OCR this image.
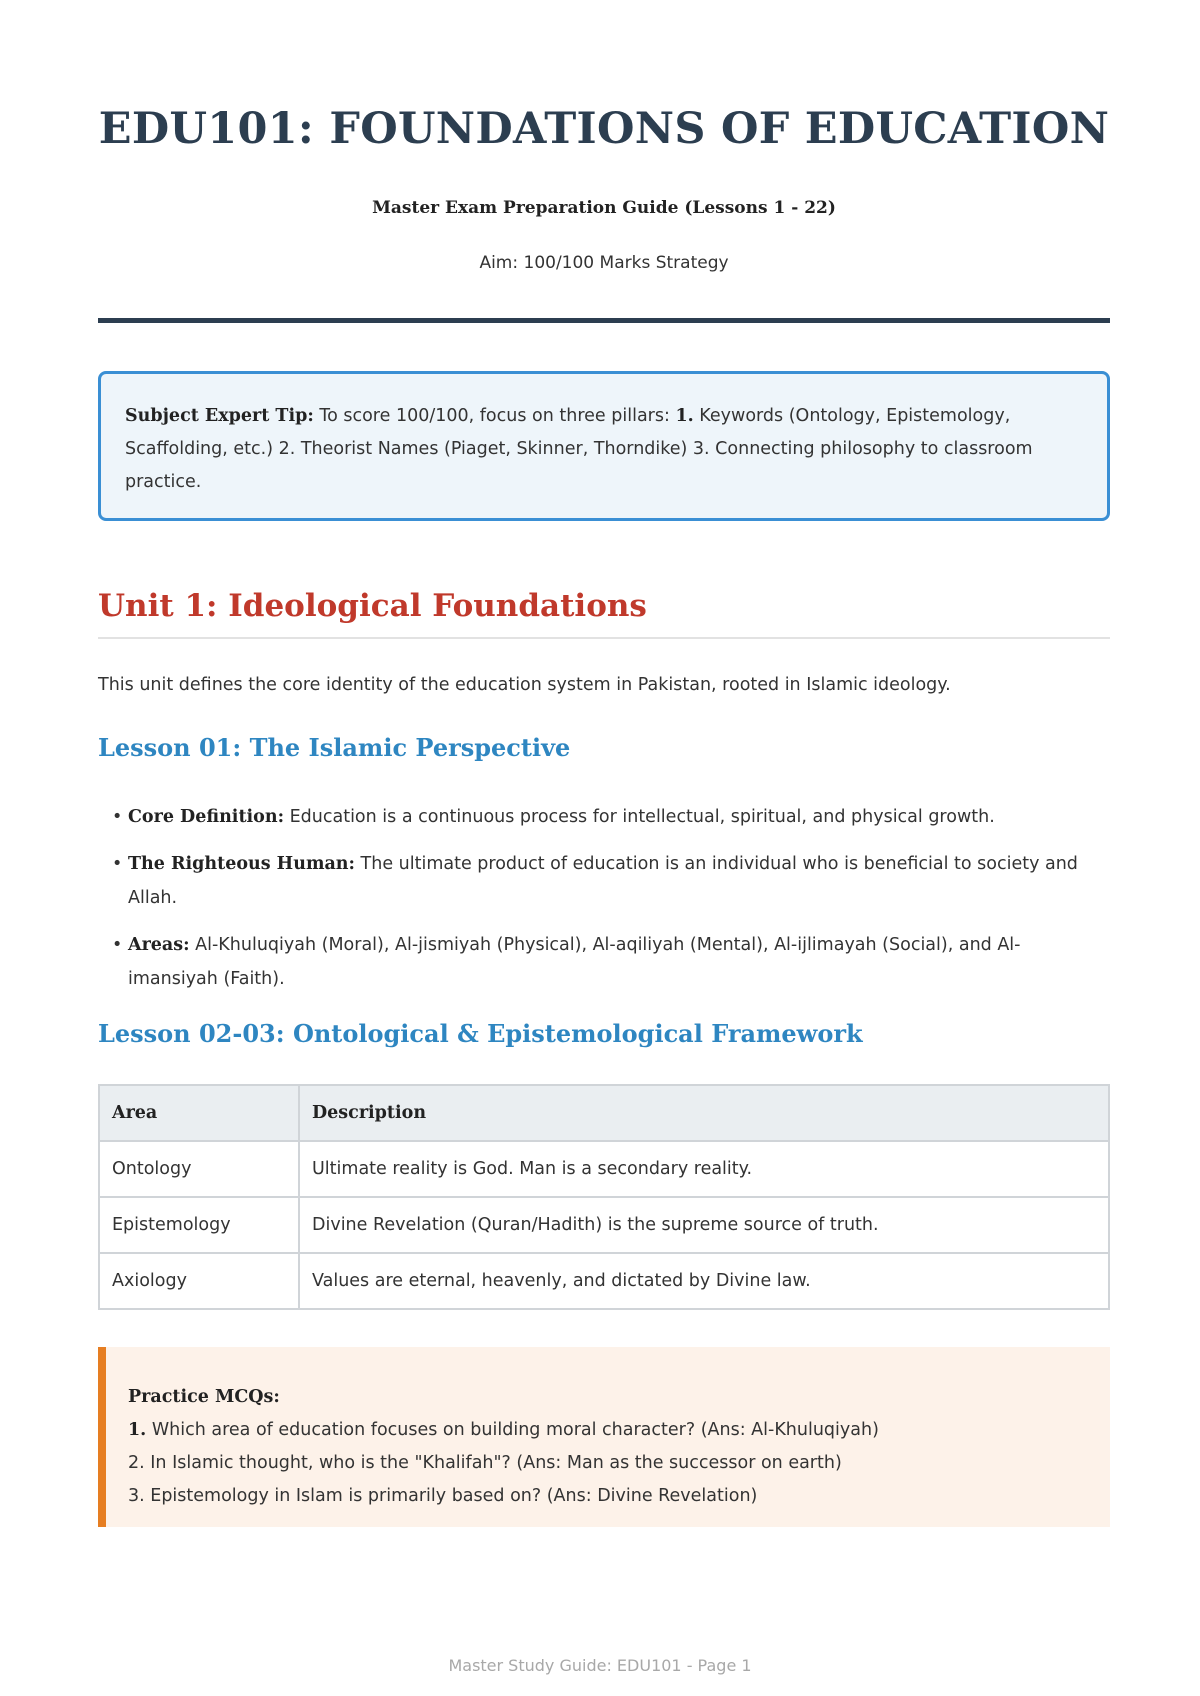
EDU101: FOUNDATIONS OF EDUCATION
Master Exam Preparation Guide (Lessons 1 - 22)
Aim: 100/100 Marks Strategy
Subject Expert Tip: To score 100/100, focus on three pillars: 1. Keywords (Ontology, Epistemology, Scaffolding, etc.) 2. Theorist Names (Piaget, Skinner, Thorndike) 3. Connecting philosophy to classroom practice.
Unit 1: Ideological Foundations

This unit defines the core identity of the education system in Pakistan, rooted in Islamic ideology.

Lesson 01: The Islamic Perspective
• Core Definition: Education is a continuous process for intellectual, spiritual, and physical growth.
• The Righteous Human: The ultimate product of education is an individual who is beneficial to society and Allah.
• Areas: Al-Khuluqiyah (Moral), Al-jismiyah (Physical), Al-aqiliyah (Mental), Al-ijlimayah (Social), and Al-imansiyah (Faith).
Lesson 02-03: Ontological & Epistemological Framework
Area	Description
Ontology	Ultimate reality is God. Man is a secondary reality.
Epistemology	Divine Revelation (Quran/Hadith) is the supreme source of truth.
Axiology	Values are eternal, heavenly, and dictated by Divine law.
Practice MCQs:
1. Which area of education focuses on building moral character? (Ans: Al-Khuluqiyah)
2. In Islamic thought, who is the "Khalifah"? (Ans: Man as the successor on earth)
3. Epistemology in Islam is primarily based on? (Ans: Divine Revelation)
Master Study Guide: EDU101 - Page 1
